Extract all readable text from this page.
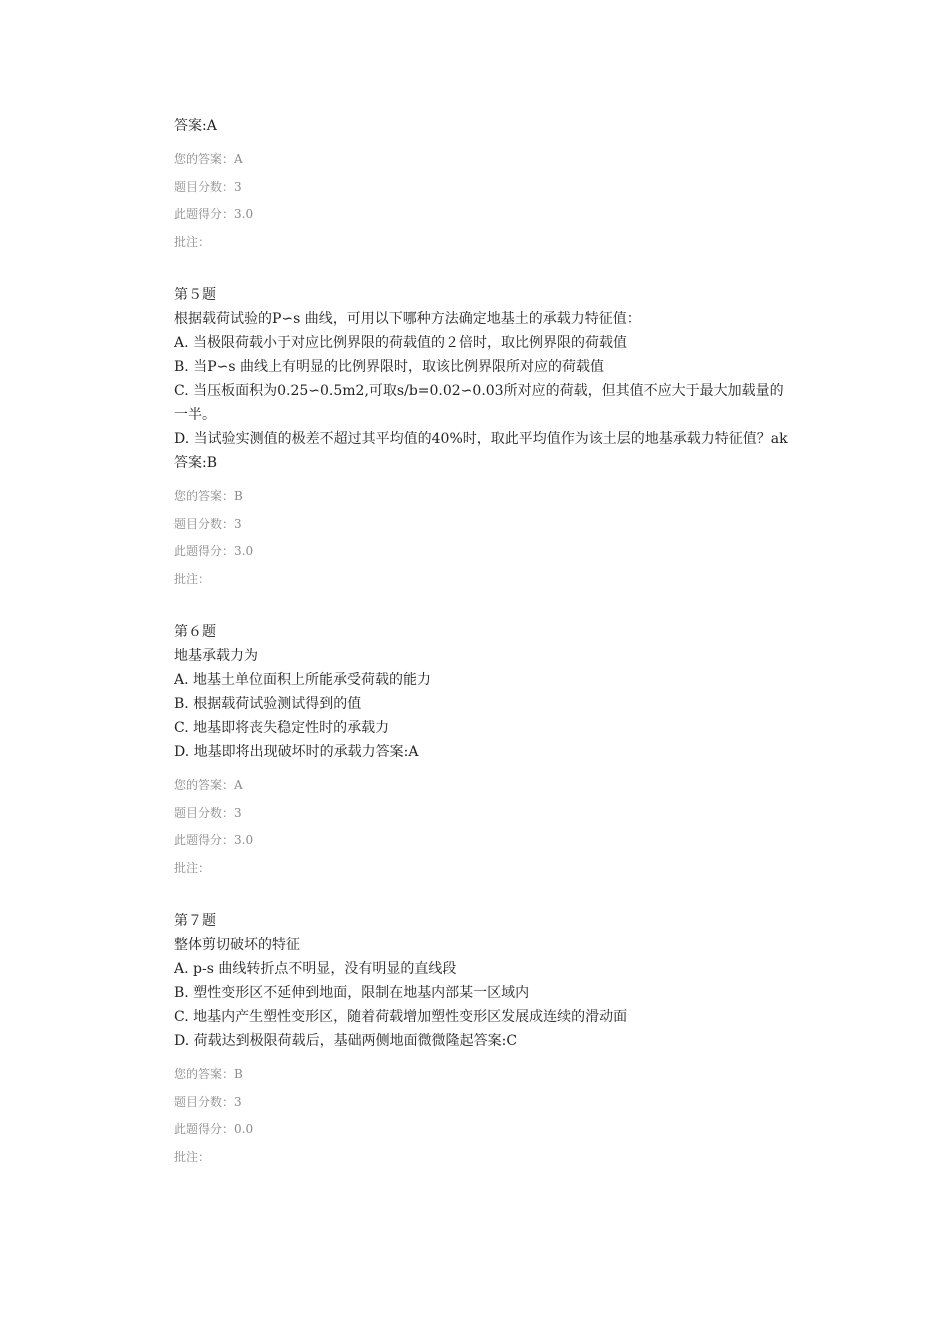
答案:A
您的答案：A
题目分数：3
此题得分：3.0
批注：
第５题
根据载荷试验的P∽s 曲线，可用以下哪种方法确定地基土的承载力特征值：
A. 当极限荷载小于对应比例界限的荷载值的２倍时，取比例界限的荷载值
B. 当P∽s 曲线上有明显的比例界限时，取该比例界限所对应的荷载值
C. 当压板面积为0.25∽0.5m2,可取s/b=0.02∽0.03所对应的荷载，但其值不应大于最大加载量的一半。
D. 当试验实测值的极差不超过其平均值的40%时，取此平均值作为该土层的地基承载力特征值？ak
答案:B
您的答案：B
题目分数：3
此题得分：3.0
批注：
第６题
地基承载力为
A. 地基土单位面积上所能承受荷载的能力
B. 根据载荷试验测试得到的值
C. 地基即将丧失稳定性时的承载力
D. 地基即将出现破坏时的承载力答案:A
您的答案：A
题目分数：3
此题得分：3.0
批注：
第７题
整体剪切破坏的特征
A. p-s 曲线转折点不明显，没有明显的直线段
B. 塑性变形区不延伸到地面，限制在地基内部某一区域内
C. 地基内产生塑性变形区，随着荷载增加塑性变形区发展成连续的滑动面
D. 荷载达到极限荷载后，基础两侧地面微微隆起答案:C
您的答案：B
题目分数：3
此题得分：0.0
批注：
